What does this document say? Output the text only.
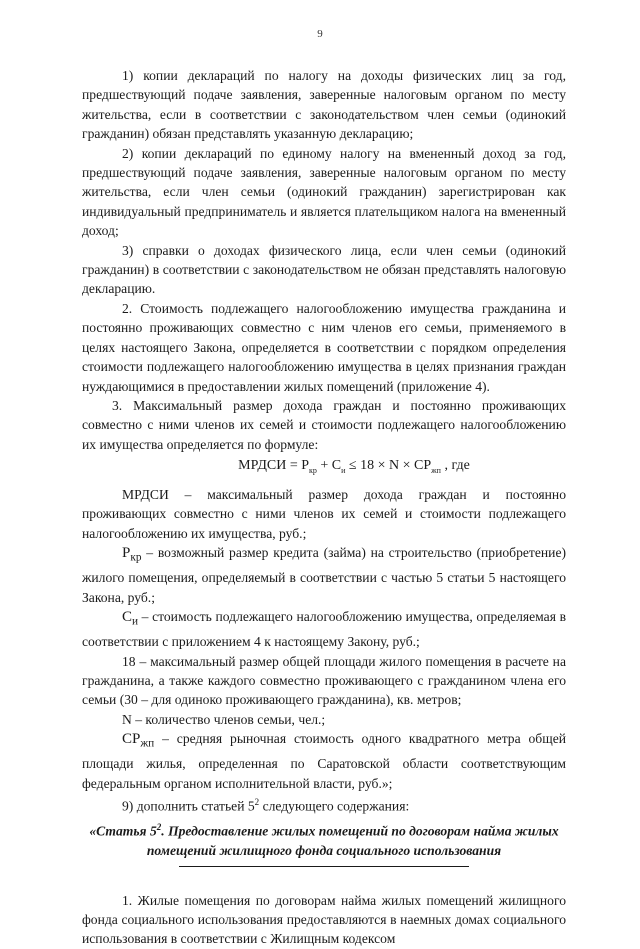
9

1) копии деклараций по налогу на доходы физических лиц за год, предшествующий подаче заявления, заверенные налоговым органом по месту жительства, если в соответствии с законодательством член семьи (одинокий гражданин) обязан представлять указанную декларацию;

2) копии деклараций по единому налогу на вмененный доход за год, предшествующий подаче заявления, заверенные налоговым органом по месту жительства, если член семьи (одинокий гражданин) зарегистрирован как индивидуальный предприниматель и является плательщиком налога на вмененный доход;

3) справки о доходах физического лица, если член семьи (одинокий гражданин) в соответствии с законодательством не обязан представлять налоговую декларацию.

2. Стоимость подлежащего налогообложению имущества гражданина и постоянно проживающих совместно с ним членов его семьи, применяемого в целях настоящего Закона, определяется в соответствии с порядком определения стоимости подлежащего налогообложению имущества в целях признания граждан нуждающимися в предоставлении жилых помещений (приложение 4).

3. Максимальный размер дохода граждан и постоянно проживающих совместно с ними членов их семей и стоимости подлежащего налогообложению их имущества определяется по формуле:

МРДСИ = $Р_{кр} + С_и \le 18 \times N \times СР_{жп}$ , где

МРДСИ – максимальный размер дохода граждан и постоянно проживающих совместно с ними членов их семей и стоимости подлежащего налогообложению их имущества, руб.;

$Р_{кр}$ – возможный размер кредита (займа) на строительство (приобретение) жилого помещения, определяемый в соответствии с частью 5 статьи 5 настоящего Закона, руб.;

$С_и$ – стоимость подлежащего налогообложению имущества, определяемая в соответствии с приложением 4 к настоящему Закону, руб.;

18 – максимальный размер общей площади жилого помещения в расчете на гражданина, а также каждого совместно проживающего с гражданином члена его семьи (30 – для одиноко проживающего гражданина), кв. метров;

N – количество членов семьи, чел.;

$СР_{жп}$ – средняя рыночная стоимость одного квадратного метра общей площади жилья, определенная по Саратовской области соответствующим федеральным органом исполнительной власти, руб.»;

9) дополнить статьей $5^2$ следующего содержания:

«Статья $5^2$. Предоставление жилых помещений по договорам найма жилых помещений жилищного фонда социального использования

1. Жилые помещения по договорам найма жилых помещений жилищного фонда социального использования предоставляются в наемных домах социального использования в соответствии с Жилищным кодексом
